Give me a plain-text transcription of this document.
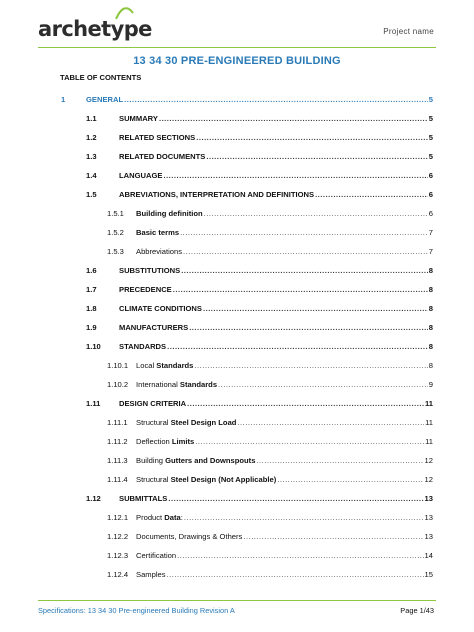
archetype	Project name
13 34 30 PRE-ENGINEERED BUILDING
TABLE OF CONTENTS
1	GENERAL .....	5
1.1	SUMMARY .....	5
1.2	RELATED SECTIONS .....	5
1.3	RELATED DOCUMENTS .....	5
1.4	LANGUAGE .....	6
1.5	ABREVIATIONS, INTERPRETATION AND DEFINITIONS .....	6
1.5.1	Building definition .....	6
1.5.2	Basic terms .....	7
1.5.3	Abbreviations .....	7
1.6	SUBSTITUTIONS .....	8
1.7	PRECEDENCE .....	8
1.8	CLIMATE CONDITIONS .....	8
1.9	MANUFACTURERS .....	8
1.10	STANDARDS .....	8
1.10.1	Local Standards .....	8
1.10.2	International Standards .....	9
1.11	DESIGN CRITERIA .....	11
1.11.1	Structural Steel Design Load .....	11
1.11.2	Deflection Limits .....	11
1.11.3	Building Gutters and Downspouts .....	12
1.11.4	Structural Steel Design (Not Applicable) .....	12
1.12	SUBMITTALS .....	13
1.12.1	Product Data: .....	13
1.12.2	Documents, Drawings & Others .....	13
1.12.3	Certification .....	14
1.12.4	Samples .....	15
Specifications: 13 34 30 Pre-engineered Building Revision A	Page 1/43
